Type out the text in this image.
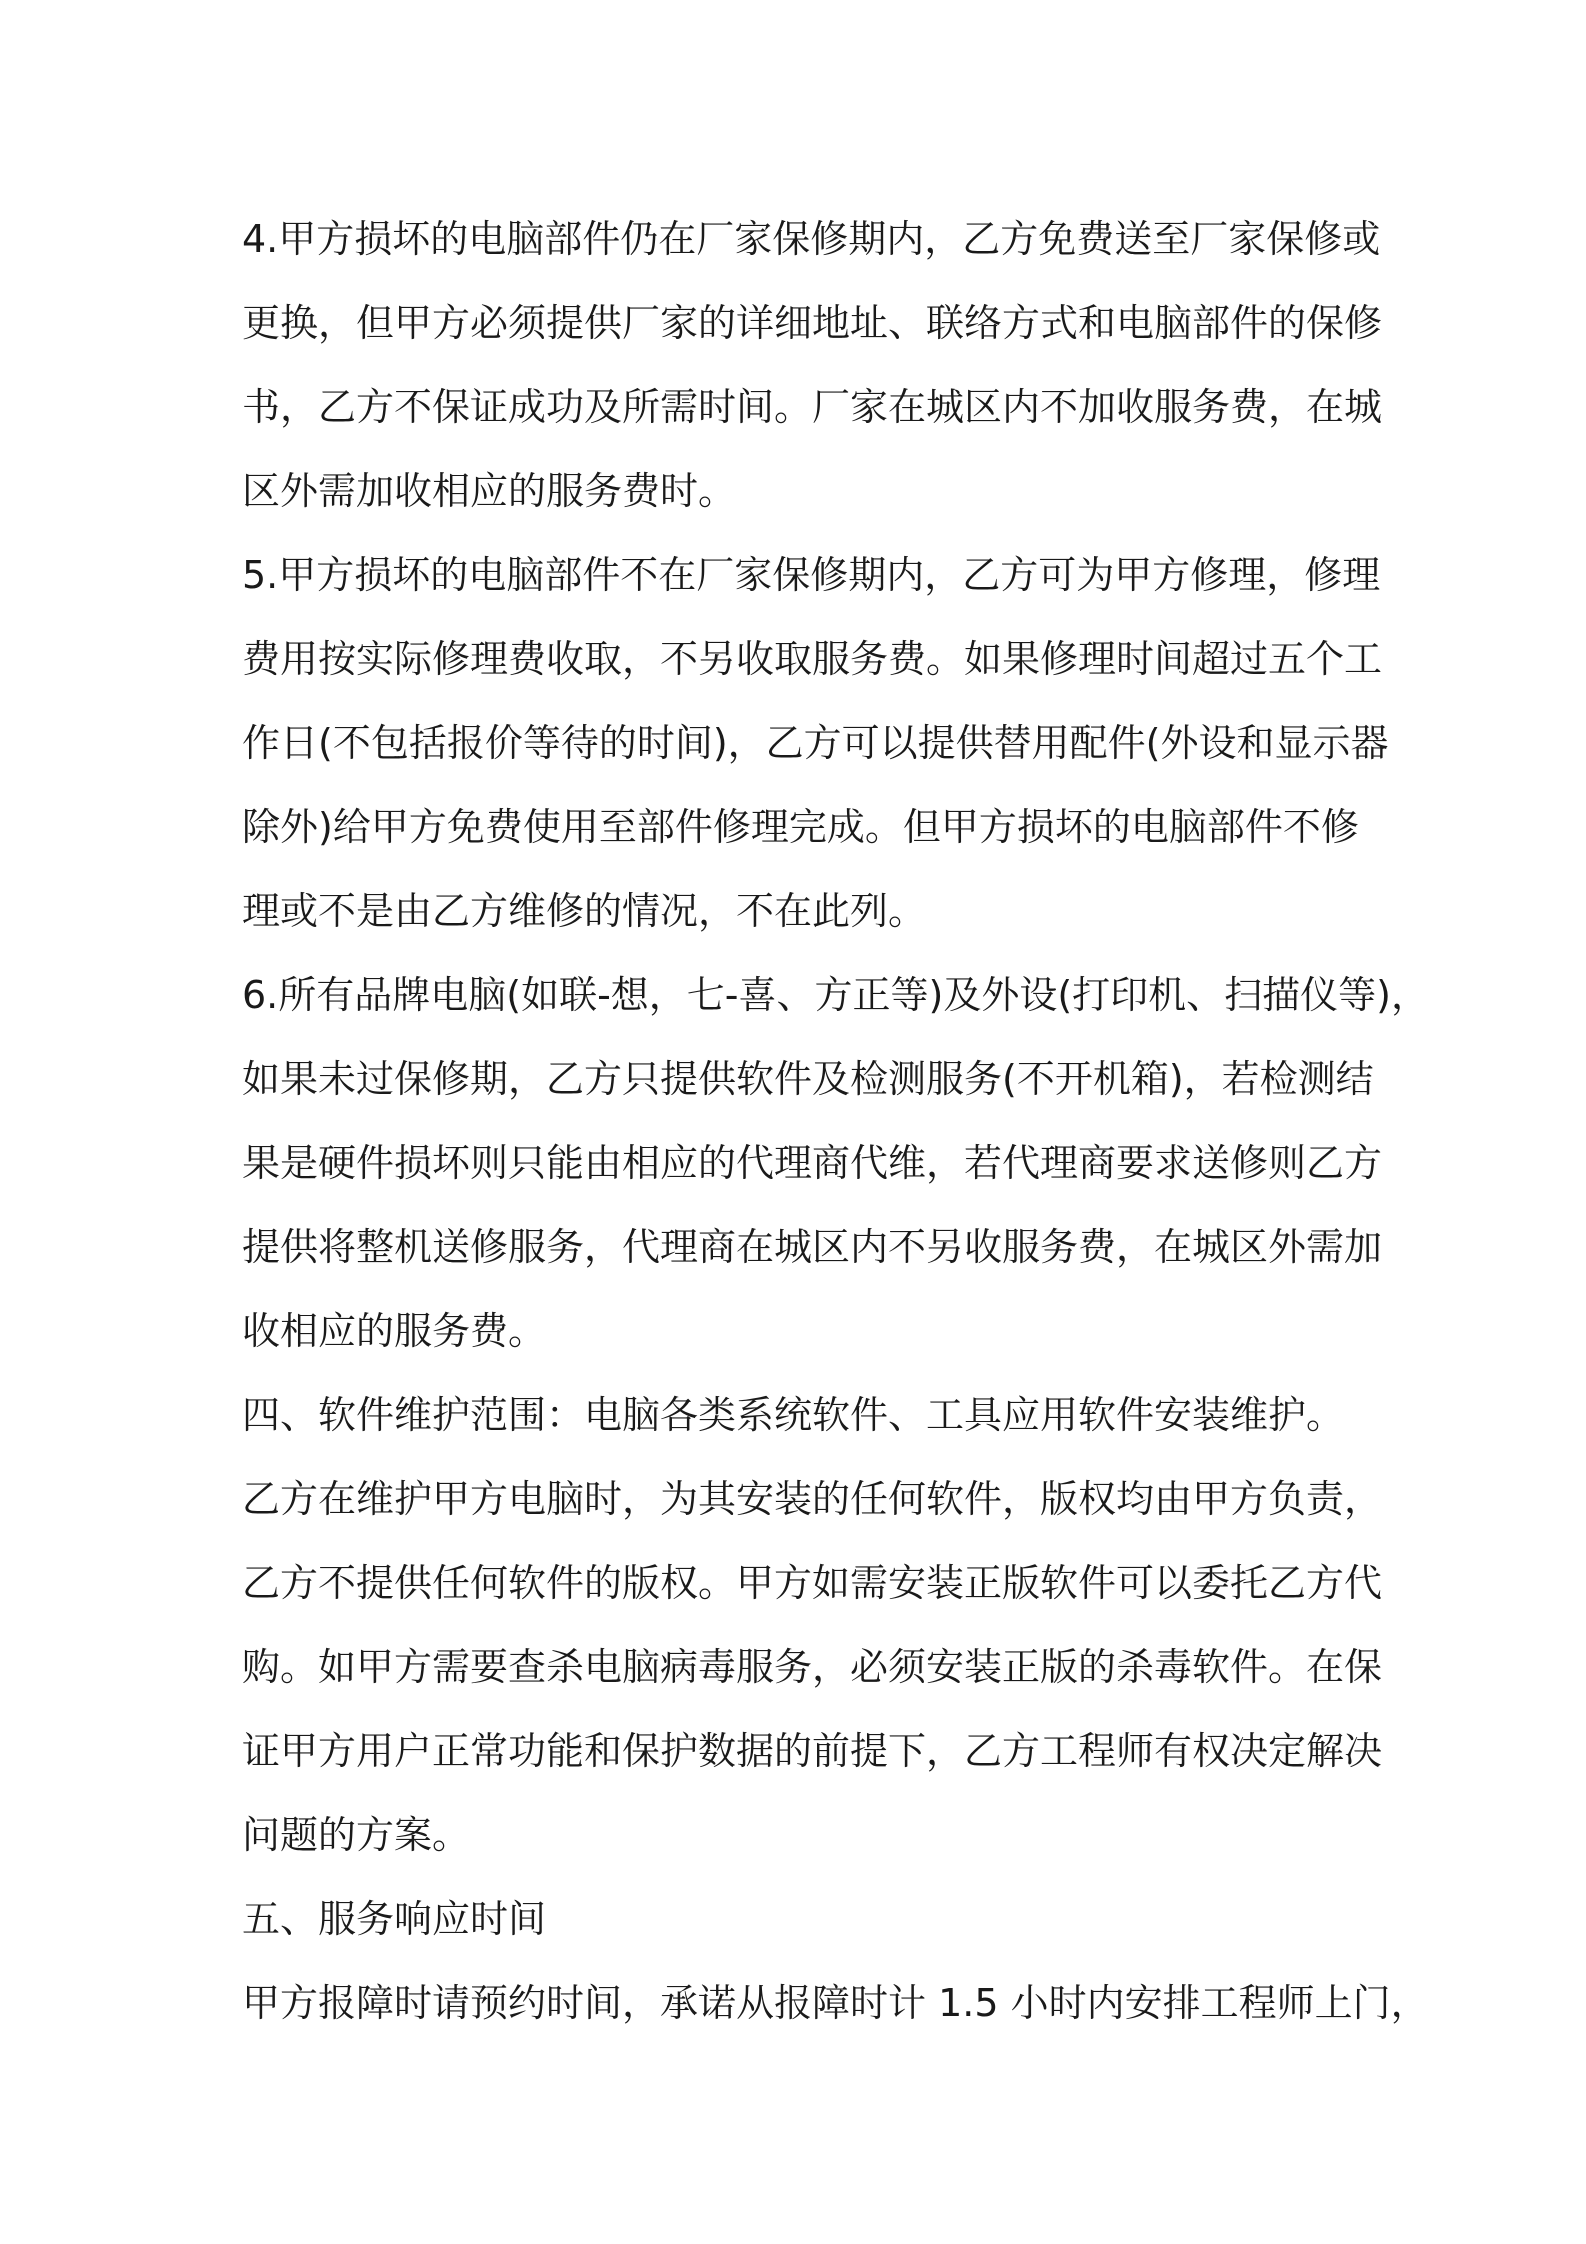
4.甲方损坏的电脑部件仍在厂家保修期内，乙方免费送至厂家保修或
更换，但甲方必须提供厂家的详细地址、联络方式和电脑部件的保修
书，乙方不保证成功及所需时间。厂家在城区内不加收服务费，在城
区外需加收相应的服务费时。
5.甲方损坏的电脑部件不在厂家保修期内，乙方可为甲方修理，修理
费用按实际修理费收取，不另收取服务费。如果修理时间超过五个工
作日(不包括报价等待的时间)，乙方可以提供替用配件(外设和显示器
除外)给甲方免费使用至部件修理完成。但甲方损坏的电脑部件不修
理或不是由乙方维修的情况，不在此列。
6.所有品牌电脑(如联-想，七-喜、方正等)及外设(打印机、扫描仪等)，
如果未过保修期，乙方只提供软件及检测服务(不开机箱)，若检测结
果是硬件损坏则只能由相应的代理商代维，若代理商要求送修则乙方
提供将整机送修服务，代理商在城区内不另收服务费，在城区外需加
收相应的服务费。
四、软件维护范围：电脑各类系统软件、工具应用软件安装维护。
乙方在维护甲方电脑时，为其安装的任何软件，版权均由甲方负责，
乙方不提供任何软件的版权。甲方如需安装正版软件可以委托乙方代
购。如甲方需要查杀电脑病毒服务，必须安装正版的杀毒软件。在保
证甲方用户正常功能和保护数据的前提下，乙方工程师有权决定解决
问题的方案。
五、服务响应时间
甲方报障时请预约时间，承诺从报障时计 1.5 小时内安排工程师上门，
